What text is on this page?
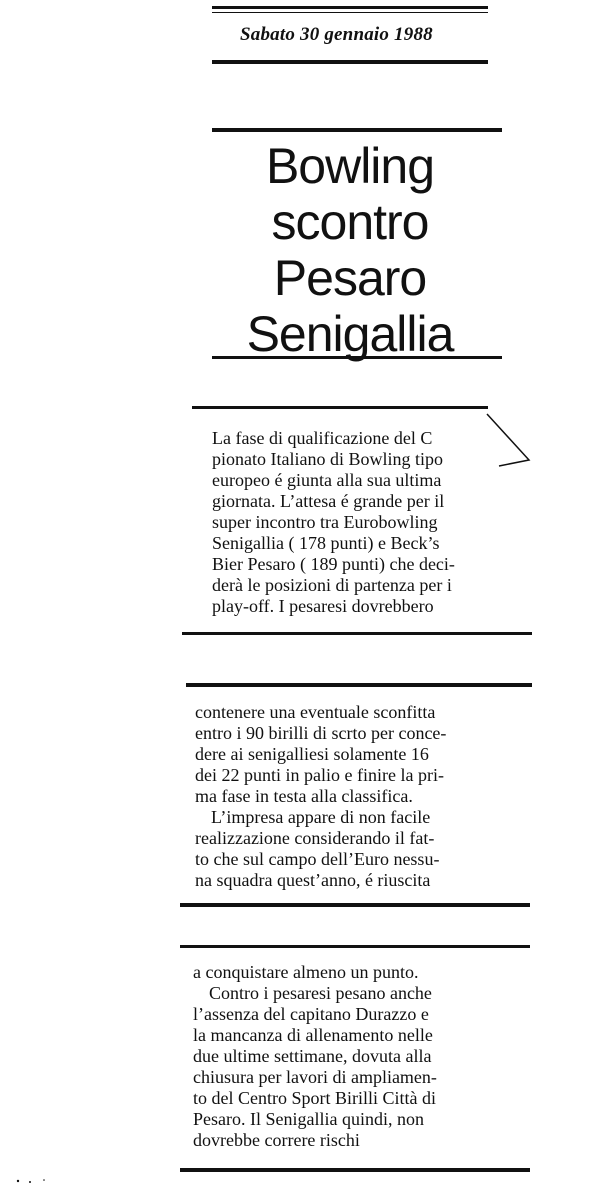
Sabato 30 gennaio 1988
Bowling
scontro
Pesaro
Senigallia
La fase di qualificazione del C
pionato Italiano di Bowling tipo
europeo é giunta alla sua ultima
giornata. L’attesa é grande per il
super incontro tra Eurobowling
Senigallia ( 178 punti) e Beck’s
Bier Pesaro ( 189 punti) che deci-
derà le posizioni di partenza per i
play-off. I pesaresi dovrebbero
contenere una eventuale sconfitta
entro i 90 birilli di scrto per conce-
dere ai senigalliesi solamente 16
dei 22 punti in palio e finire la pri-
ma fase in testa alla classifica.
L’impresa appare di non facile
realizzazione considerando il fat-
to che sul campo dell’Euro nessu-
na squadra quest’anno, é riuscita
a conquistare almeno un punto.
Contro i pesaresi pesano anche
l’assenza del capitano Durazzo e
la mancanza di allenamento nelle
due ultime settimane, dovuta alla
chiusura per lavori di ampliamen-
to del Centro Sport Birilli Città di
Pesaro. Il Senigallia quindi, non
dovrebbe correre rischi
